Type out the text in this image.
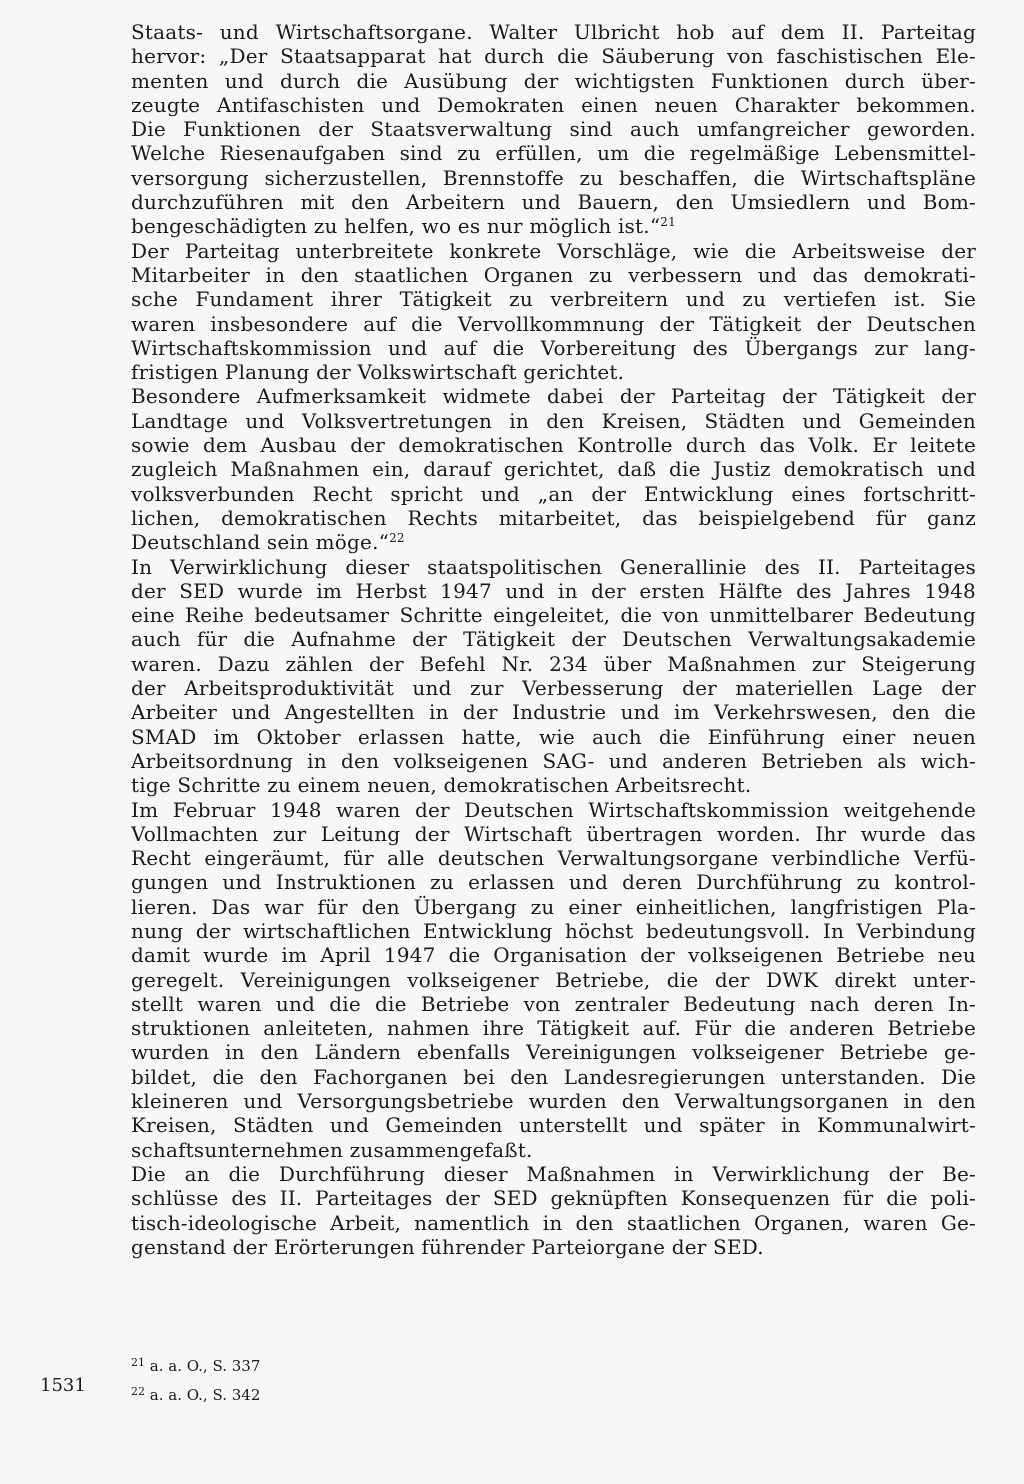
Staats- und Wirtschaftsorgane. Walter Ulbricht hob auf dem II. Parteitag
hervor: „Der Staatsapparat hat durch die Säuberung von faschistischen Ele-
menten und durch die Ausübung der wichtigsten Funktionen durch über-
zeugte Antifaschisten und Demokraten einen neuen Charakter bekommen.
Die Funktionen der Staatsverwaltung sind auch umfangreicher geworden.
Welche Riesenaufgaben sind zu erfüllen, um die regelmäßige Lebensmittel-
versorgung sicherzustellen, Brennstoffe zu beschaffen, die Wirtschaftspläne
durchzuführen mit den Arbeitern und Bauern, den Umsiedlern und Bom-
bengeschädigten zu helfen, wo es nur möglich ist.“$^{21}$

Der Parteitag unterbreitete konkrete Vorschläge, wie die Arbeitsweise der
Mitarbeiter in den staatlichen Organen zu verbessern und das demokrati-
sche Fundament ihrer Tätigkeit zu verbreitern und zu vertiefen ist. Sie
waren insbesondere auf die Vervollkommnung der Tätigkeit der Deutschen
Wirtschaftskommission und auf die Vorbereitung des Übergangs zur lang-
fristigen Planung der Volkswirtschaft gerichtet.

Besondere Aufmerksamkeit widmete dabei der Parteitag der Tätigkeit der
Landtage und Volksvertretungen in den Kreisen, Städten und Gemeinden
sowie dem Ausbau der demokratischen Kontrolle durch das Volk. Er leitete
zugleich Maßnahmen ein, darauf gerichtet, daß die Justiz demokratisch und
volksverbunden Recht spricht und „an der Entwicklung eines fortschritt-
lichen, demokratischen Rechts mitarbeitet, das beispielgebend für ganz
Deutschland sein möge.“$^{22}$

In Verwirklichung dieser staatspolitischen Generallinie des II. Parteitages
der SED wurde im Herbst 1947 und in der ersten Hälfte des Jahres 1948
eine Reihe bedeutsamer Schritte eingeleitet, die von unmittelbarer Bedeutung
auch für die Aufnahme der Tätigkeit der Deutschen Verwaltungsakademie
waren. Dazu zählen der Befehl Nr. 234 über Maßnahmen zur Steigerung
der Arbeitsproduktivität und zur Verbesserung der materiellen Lage der
Arbeiter und Angestellten in der Industrie und im Verkehrswesen, den die
SMAD im Oktober erlassen hatte, wie auch die Einführung einer neuen
Arbeitsordnung in den volkseigenen SAG- und anderen Betrieben als wich-
tige Schritte zu einem neuen, demokratischen Arbeitsrecht.

Im Februar 1948 waren der Deutschen Wirtschaftskommission weitgehende
Vollmachten zur Leitung der Wirtschaft übertragen worden. Ihr wurde das
Recht eingeräumt, für alle deutschen Verwaltungsorgane verbindliche Verfü-
gungen und Instruktionen zu erlassen und deren Durchführung zu kontrol-
lieren. Das war für den Übergang zu einer einheitlichen, langfristigen Pla-
nung der wirtschaftlichen Entwicklung höchst bedeutungsvoll. In Verbindung
damit wurde im April 1947 die Organisation der volkseigenen Betriebe neu
geregelt. Vereinigungen volkseigener Betriebe, die der DWK direkt unter-
stellt waren und die die Betriebe von zentraler Bedeutung nach deren In-
struktionen anleiteten, nahmen ihre Tätigkeit auf. Für die anderen Betriebe
wurden in den Ländern ebenfalls Vereinigungen volkseigener Betriebe ge-
bildet, die den Fachorganen bei den Landesregierungen unterstanden. Die
kleineren und Versorgungsbetriebe wurden den Verwaltungsorganen in den
Kreisen, Städten und Gemeinden unterstellt und später in Kommunalwirt-
schaftsunternehmen zusammengefaßt.

Die an die Durchführung dieser Maßnahmen in Verwirklichung der Be-
schlüsse des II. Parteitages der SED geknüpften Konsequenzen für die poli-
tisch-ideologische Arbeit, namentlich in den staatlichen Organen, waren Ge-
genstand der Erörterungen führender Parteiorgane der SED.

$^{21}$ a. a. O., S. 337

$^{22}$ a. a. O., S. 342

1531
